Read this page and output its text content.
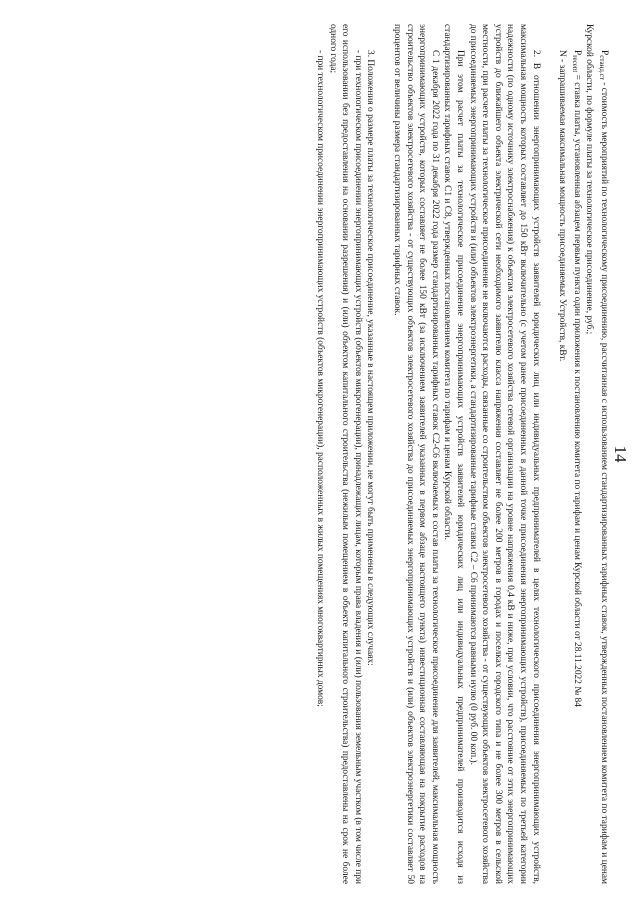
14

$P_{станд.ст}$ - стоимость мероприятий по технологическому присоединению, рассчитанная с использованием стандартизированных тарифных ставок, утвержденных постановлением комитета по тарифам и ценам Курской области, по формуле платы за технологическое присоединение, руб.;

$P_{recent}$ = ставка платы, установленная абзацем первым пункта один приложения к постановлению комитета по тарифам и ценам Курской области от 28.11.2022 № 84

N - запрашиваемая максимальная мощность присоединяемых Устройств, кВт.

2. В отношении энергопринимающих устройств заявителей юридических лиц или индивидуальных предпринимателей в целях технологического присоединения энергопринимающих устройств, максимальная мощность которых составляет до 150 кВт включительно (с учетом ранее присоединенных в данной точке присоединения энергопринимающих устройств), присоединяемых по третьей категории надежности (по одному источнику электроснабжения) к объектам электросетевого хозяйства сетевой организации на уровне напряжения 0,4 кВ и ниже, при условии, что расстояние от этих энергопринимающих устройств до ближайшего объекта электрической сети необходимого заявителю класса напряжения составляет не более 200 метров в городах и поселках городского типа и не более 300 метров в сельской местности, при расчете платы за технологическое присоединение не включаются расходы, связанные со строительством объектов электросетевого хозяйства - от существующих объектов электросетевого хозяйства до присоединяемых энергопринимающих устройств и (или) объектов электроэнергетики, а стандартизированные тарифные ставки С2 – С6 принимаются равными нулю (0 руб. 00 коп.).

При этом расчет платы за технологическое присоединение энергопринимающих устройств заявителей юридических лиц или индивидуальных предпринимателей производится исходя из стандартизированных тарифных ставок С1 и С8, утвержденных постановлением комитета по тарифам и ценам Курской области.

С 1 декабря 2022 года по 31 декабря 2022 года размер стандартизированных тарифных ставок С2-С6 включаемых в состав платы за технологическое присоединение для заявителей, максимальная мощность энергопринимающих устройств, которых составляет не более 150 кВт (за исключением заявителей указанных в первом абзаце настоящего пункта) инвестиционная составляющая на покрытие расходов на строительство объектов электросетевого хозяйства - от существующих объектов электросетевого хозяйства до присоединяемых энергопринимающих устройств и (или) объектов электроэнергетики составляет 50 процентов от величины размера стандартизированных тарифных ставок.

3. Положения о размере платы за технологическое присоединение, указанные в настоящем приложении, не могут быть применены в следующих случаях:

- при технологическом присоединении энергопринимающих устройств (объектов микрогенерации), принадлежащих лицам, которым права владения и (или) пользования земельным участком (в том числе при его использовании без предоставления на основании разрешения) и (или) объектом капитального строительства (нежилым помещением в объекте капитального строительства) предоставлены на срок не более одного года;

- при технологическом присоединении энергопринимающих устройств (объектов микрогенерации), расположенных в жилых помещениях многоквартирных домов;
